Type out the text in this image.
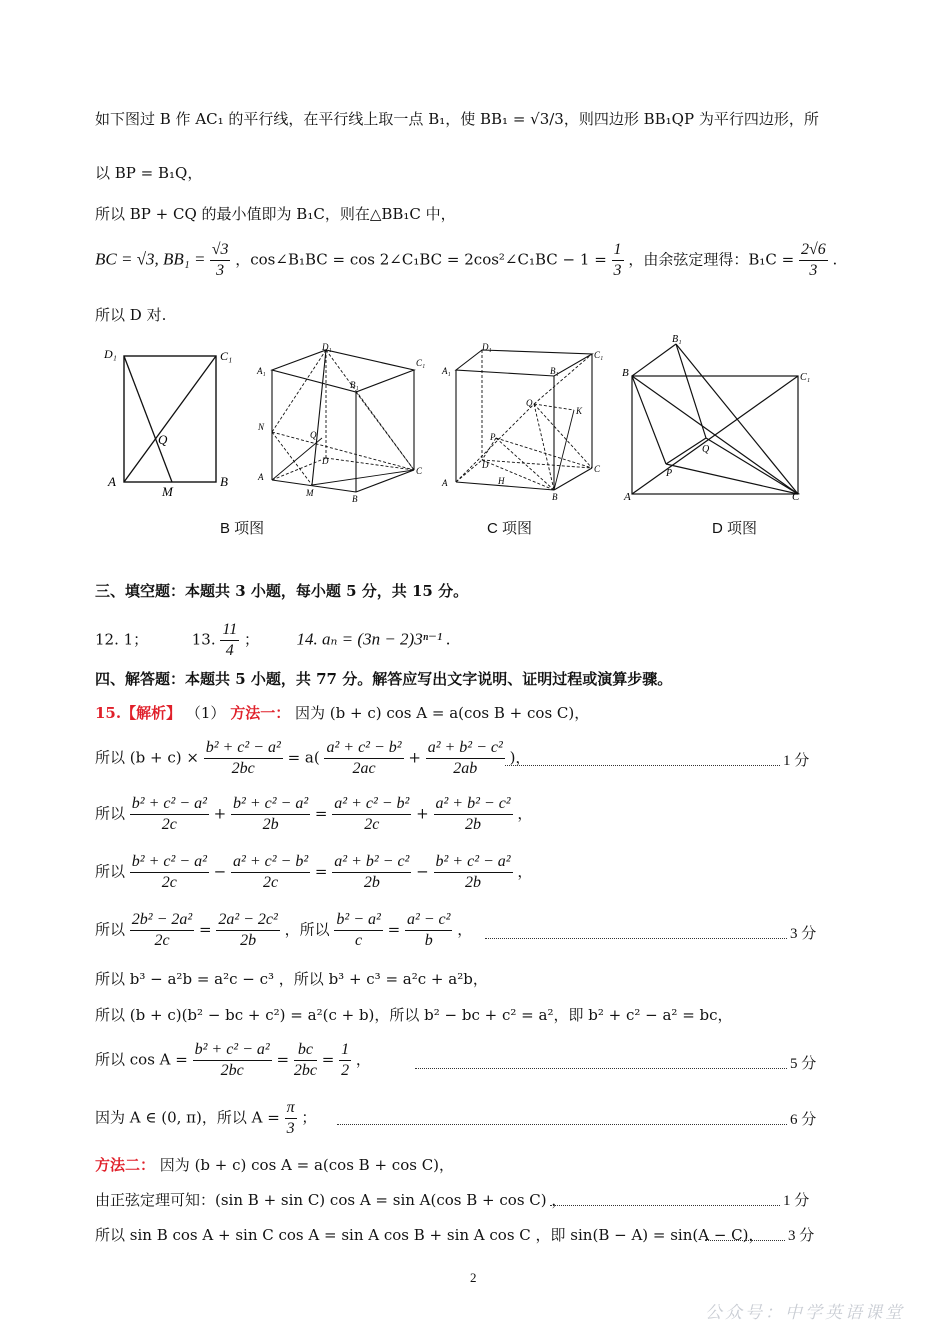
如下图过 B 作 AC₁ 的平行线，在平行线上取一点 B₁，使 BB₁ = √3/3，则四边形 BB₁QP 为平行四边形，所
以 BP = B₁Q，
所以 BP + CQ 的最小值即为 B₁C，则在△BB₁C 中，
BC = √3, $BB_1 = \frac{√3}{3}$ ，cos∠B₁BC = cos 2∠C₁BC = 2cos²∠C₁BC − $1 = \frac{1}{3}$ ，由余弦定理得：$B_1C = \frac{2√6}{3}$ .
所以 D 对.
D₁	C₁
A	B
M
Q
D₁
C₁
A₁
B₁
N
Q
D
C
A
M
B
D₁
C₁
A₁	B₁
Q
K
P
D	C
A	H
B
B₁
B	C₁
Q
P
A	C
B 项图	C 项图	D 项图
三、填空题：本题共 3 小题，每小题 5 分，共 15 分。
12. 1；	13. $\frac{11}{4}$ ； 14. aₙ = (3n − 2)3ⁿ⁻¹ .
四、解答题：本题共 5 小题，共 77 分。解答应写出文字说明、证明过程或演算步骤。
15.【解析】 （1） 方法一： 因为 (b + c) cos A = a(cos B + cos C)，
所以 $(b + c) \times \frac{\text{b² + c² − a²}}{2bc} = a( \frac{\text{a² + c² − b²}}{2ac} + \frac{\text{a² + b² − c²}}{2ab}$ )，	1 分
所以 $\frac{\text{b² + c² − a²}}{2c} + \frac{\text{b² + c² − a²}}{2b} = \frac{\text{a² + c² − b²}}{2c} + \frac{\text{a² + b² − c²}}{2b}$ ，
所以 $\frac{\text{b² + c² − a²}}{2c} - \frac{\text{a² + c² − b²}}{2c} = \frac{\text{a² + b² − c²}}{2b} - \frac{\text{b² + c² − a²}}{2b}$ ，
所以 $\frac{\text{2b² − 2a²}}{2c} = \frac{\text{2a² − 2c²}}{2b}$ ，所以 $\frac{\text{b² − a²}}{c} = \frac{\text{a² − c²}}{b}$ ，	3 分
所以 b³ − a²b = a²c − c³ ，所以 b³ + c³ = a²c + a²b，
所以 (b + c)(b² − bc + c²) = a²(c + b)，所以 b² − bc + c² = a²，即 b² + c² − a² = bc，
所以 $\cos A = \frac{\text{b² + c² − a²}}{2bc} = \frac{bc}{2bc} = \frac{1}{2}$ ，	5 分
因为 A ∈ (0, π)，所以 $A = \frac{\pi}{3}$ ；	6 分
方法二： 因为 (b + c) cos A = a(cos B + cos C)，
由正弦定理可知：(sin B + sin C) cos A = sin A(cos B + cos C) ，	1 分
所以 sin B cos A + sin C cos A = sin A cos B + sin A cos C ，即 sin(B − A) = sin(A − C)， 3 分
2
公众号：中学英语课堂
